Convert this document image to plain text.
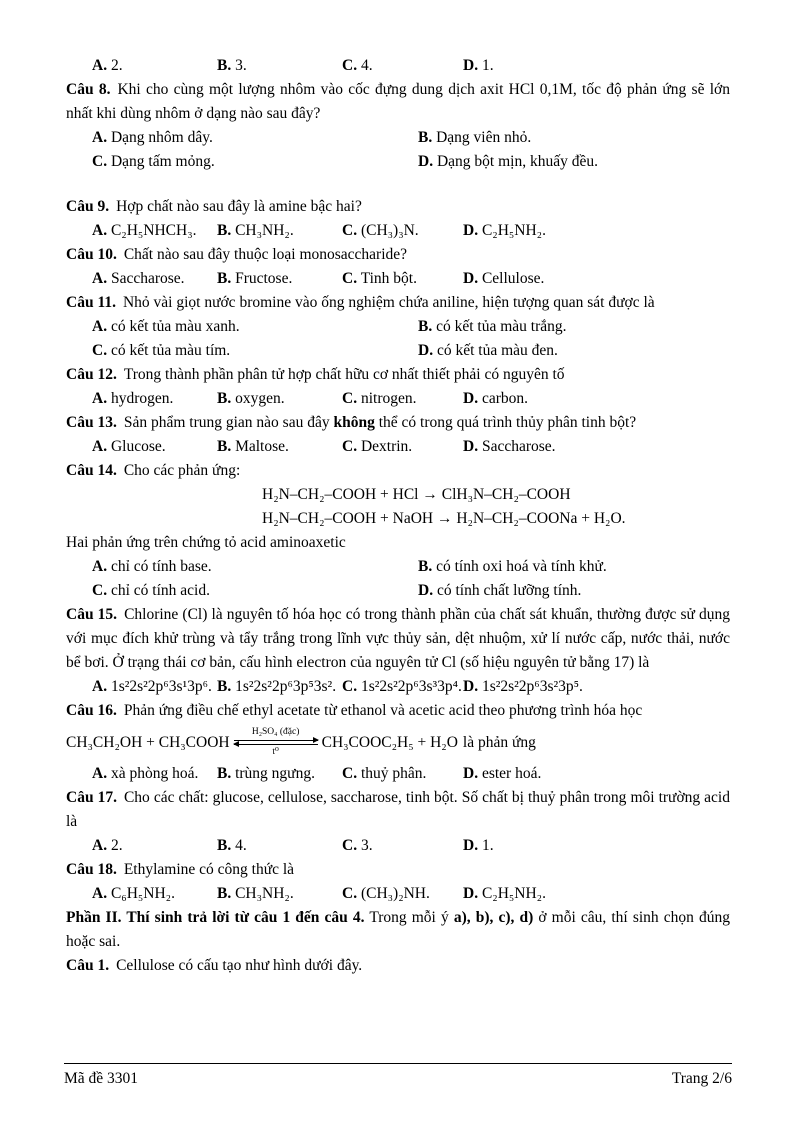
A. 2.	B. 3.	C. 4.	D. 1.

Câu 8. Khi cho cùng một lượng nhôm vào cốc đựng dung dịch axit HCl 0,1M, tốc độ phản ứng sẽ lớn nhất khi dùng nhôm ở dạng nào sau đây?

A. Dạng nhôm dây.	B. Dạng viên nhỏ.
C. Dạng tấm mỏng.	D. Dạng bột mịn, khuấy đều.

Câu 9. Hợp chất nào sau đây là amine bậc hai?

A. C₂H₅NHCH₃.	B. CH₃NH₂.	C. (CH₃)₃N.	D. C₂H₅NH₂.

Câu 10. Chất nào sau đây thuộc loại monosaccharide?

A. Saccharose.	B. Fructose.	C. Tinh bột.	D. Cellulose.

Câu 11. Nhỏ vài giọt nước bromine vào ống nghiệm chứa aniline, hiện tượng quan sát được là

A. có kết tủa màu xanh.	B. có kết tủa màu trắng.
C. có kết tủa màu tím.	D. có kết tủa màu đen.

Câu 12. Trong thành phần phân tử hợp chất hữu cơ nhất thiết phải có nguyên tố

A. hydrogen.	B. oxygen.	C. nitrogen.	D. carbon.

Câu 13. Sản phẩm trung gian nào sau đây không thể có trong quá trình thủy phân tinh bột?

A. Glucose.	B. Maltose.	C. Dextrin.	D. Saccharose.

Câu 14. Cho các phản ứng:

H₂N–CH₂–COOH + HCl → ClH₃N–CH₂–COOH
H₂N–CH₂–COOH + NaOH → H₂N–CH₂–COONa + H₂O.

Hai phản ứng trên chứng tỏ acid aminoaxetic

A. chỉ có tính base.	B. có tính oxi hoá và tính khử.
C. chỉ có tính acid.	D. có tính chất lưỡng tính.

Câu 15. Chlorine (Cl) là nguyên tố hóa học có trong thành phần của chất sát khuẩn, thường được sử dụng với mục đích khử trùng và tẩy trắng trong lĩnh vực thủy sản, dệt nhuộm, xử lí nước cấp, nước thải, nước bể bơi. Ở trạng thái cơ bản, cấu hình electron của nguyên tử Cl (số hiệu nguyên tử bằng 17) là

A. 1s²2s²2p⁶3s¹3p⁶. B. 1s²2s²2p⁶3p⁵3s². C. 1s²2s²2p⁶3s³3p⁴. D. 1s²2s²2p⁶3s²3p⁵.

Câu 16. Phản ứng điều chế ethyl acetate từ ethanol và acetic acid theo phương trình hóa học

CH₃CH₂OH + CH₃COOH
H₂SO₄ (đặc)
t⁰
CH₃COOC₂H₅ + H₂O là phản ứng
A. xà phòng hoá.	B. trùng ngưng.	C. thuỷ phân.	D. ester hoá.

Câu 17. Cho các chất: glucose, cellulose, saccharose, tinh bột. Số chất bị thuỷ phân trong môi trường acid là

A. 2.	B. 4.	C. 3.	D. 1.

Câu 18. Ethylamine có công thức là

A. C₆H₅NH₂.	B. CH₃NH₂.	C. (CH₃)₂NH.	D. C₂H₅NH₂.

Phần II. Thí sinh trả lời từ câu 1 đến câu 4. Trong mỗi ý a), b), c), d) ở mỗi câu, thí sinh chọn đúng hoặc sai.

Câu 1. Cellulose có cấu tạo như hình dưới đây.

Mã đề 3301	Trang 2/6
